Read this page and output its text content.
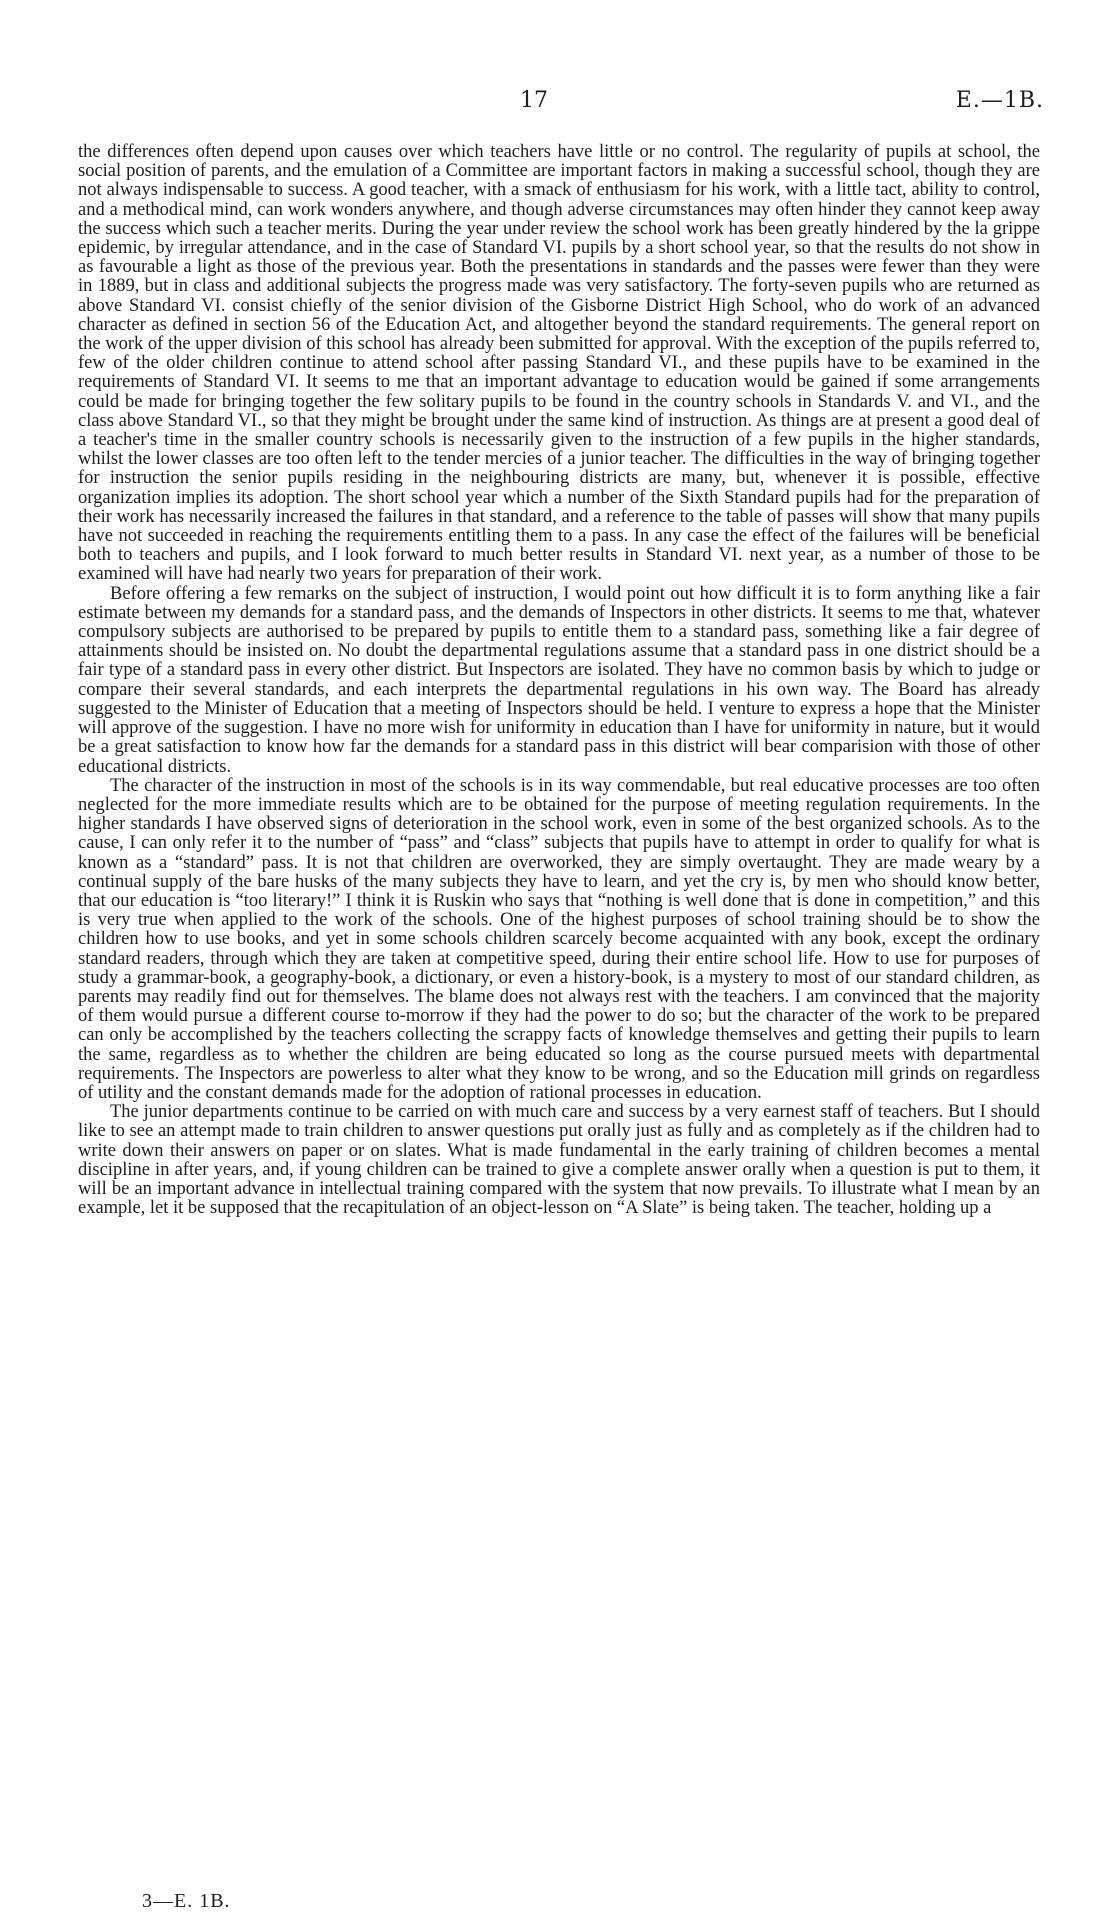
17	E.—1B.

the differences often depend upon causes over which teachers have little or no control. The regularity of pupils at school, the social position of parents, and the emulation of a Committee are important factors in making a successful school, though they are not always indispensable to success. A good teacher, with a smack of enthusiasm for his work, with a little tact, ability to control, and a methodical mind, can work wonders anywhere, and though adverse circumstances may often hinder they cannot keep away the success which such a teacher merits. During the year under review the school work has been greatly hindered by the la grippe epidemic, by irregular attendance, and in the case of Standard VI. pupils by a short school year, so that the results do not show in as favourable a light as those of the previous year. Both the presentations in standards and the passes were fewer than they were in 1889, but in class and additional subjects the progress made was very satisfactory. The forty-seven pupils who are returned as above Standard VI. consist chiefly of the senior division of the Gisborne District High School, who do work of an advanced character as defined in section 56 of the Education Act, and altogether beyond the standard requirements. The general report on the work of the upper division of this school has already been submitted for approval. With the exception of the pupils referred to, few of the older children continue to attend school after passing Standard VI., and these pupils have to be examined in the requirements of Standard VI. It seems to me that an important advantage to education would be gained if some arrangements could be made for bringing together the few solitary pupils to be found in the country schools in Standards V. and VI., and the class above Standard VI., so that they might be brought under the same kind of instruction. As things are at present a good deal of a teacher's time in the smaller country schools is necessarily given to the instruction of a few pupils in the higher standards, whilst the lower classes are too often left to the tender mercies of a junior teacher. The difficulties in the way of bringing together for instruction the senior pupils residing in the neighbouring districts are many, but, whenever it is possible, effective organization implies its adoption. The short school year which a number of the Sixth Standard pupils had for the preparation of their work has necessarily increased the failures in that standard, and a reference to the table of passes will show that many pupils have not succeeded in reaching the requirements entitling them to a pass. In any case the effect of the failures will be beneficial both to teachers and pupils, and I look forward to much better results in Standard VI. next year, as a number of those to be examined will have had nearly two years for preparation of their work.

Before offering a few remarks on the subject of instruction, I would point out how difficult it is to form anything like a fair estimate between my demands for a standard pass, and the demands of Inspectors in other districts. It seems to me that, whatever compulsory subjects are authorised to be prepared by pupils to entitle them to a standard pass, something like a fair degree of attainments should be insisted on. No doubt the departmental regulations assume that a standard pass in one district should be a fair type of a standard pass in every other district. But Inspectors are isolated. They have no common basis by which to judge or compare their several standards, and each interprets the departmental regulations in his own way. The Board has already suggested to the Minister of Education that a meeting of Inspectors should be held. I venture to express a hope that the Minister will approve of the suggestion. I have no more wish for uniformity in education than I have for uniformity in nature, but it would be a great satisfaction to know how far the demands for a standard pass in this district will bear comparision with those of other educational districts.

The character of the instruction in most of the schools is in its way commendable, but real educative processes are too often neglected for the more immediate results which are to be obtained for the purpose of meeting regulation requirements. In the higher standards I have observed signs of deterioration in the school work, even in some of the best organized schools. As to the cause, I can only refer it to the number of “pass” and “class” subjects that pupils have to attempt in order to qualify for what is known as a “standard” pass. It is not that children are overworked, they are simply overtaught. They are made weary by a continual supply of the bare husks of the many subjects they have to learn, and yet the cry is, by men who should know better, that our education is “too literary!” I think it is Ruskin who says that “nothing is well done that is done in competition,” and this is very true when applied to the work of the schools. One of the highest purposes of school training should be to show the children how to use books, and yet in some schools children scarcely become acquainted with any book, except the ordinary standard readers, through which they are taken at competitive speed, during their entire school life. How to use for purposes of study a grammar-book, a geography-book, a dictionary, or even a history-book, is a mystery to most of our standard children, as parents may readily find out for themselves. The blame does not always rest with the teachers. I am convinced that the majority of them would pursue a different course to-morrow if they had the power to do so; but the character of the work to be prepared can only be accomplished by the teachers collecting the scrappy facts of knowledge themselves and getting their pupils to learn the same, regardless as to whether the children are being educated so long as the course pursued meets with departmental requirements. The Inspectors are powerless to alter what they know to be wrong, and so the Education mill grinds on regardless of utility and the constant demands made for the adoption of rational processes in education.

The junior departments continue to be carried on with much care and success by a very earnest staff of teachers. But I should like to see an attempt made to train children to answer questions put orally just as fully and as completely as if the children had to write down their answers on paper or on slates. What is made fundamental in the early training of children becomes a mental discipline in after years, and, if young children can be trained to give a complete answer orally when a question is put to them, it will be an important advance in intellectual training compared with the system that now prevails. To illustrate what I mean by an example, let it be supposed that the recapitulation of an object-lesson on “A Slate” is being taken. The teacher, holding up a

3—E. 1B.
